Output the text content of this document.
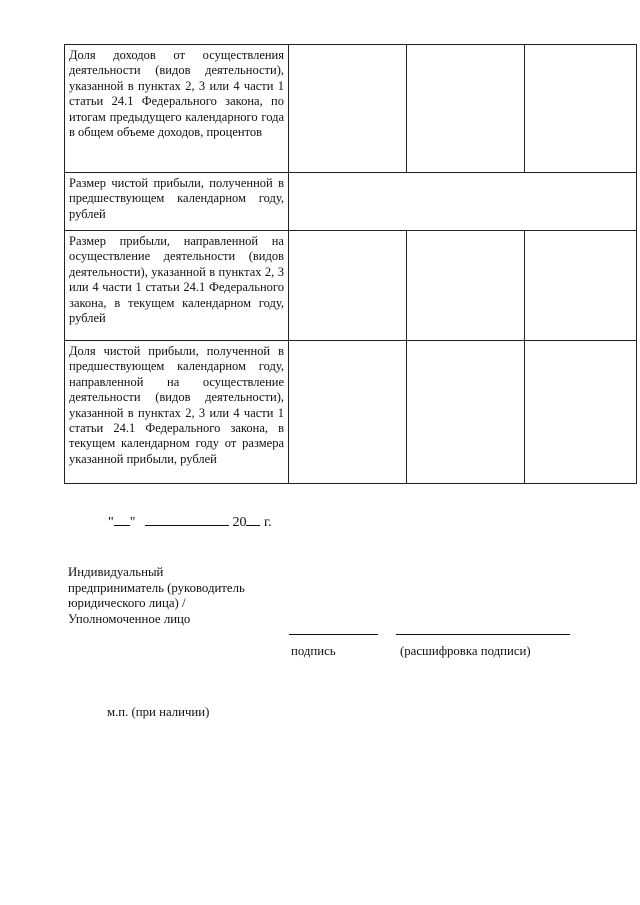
Доля доходов от осуществления деятельности (видов деятельности), указанной в пунктах 2, 3 или 4 части 1 статьи 24.1 Федерального закона, по итогам предыдущего календарного года в общем объеме доходов, процентов			
Размер чистой прибыли, полученной в предшествующем календарном году, рублей			
Размер прибыли, направленной на осуществление деятельности (видов деятельности), указанной в пунктах 2, 3 или 4 части 1 статьи 24.1 Федерального закона, в текущем календарном году, рублей			
Доля чистой прибыли, полученной в предшествующем календарном году, направленной на осуществление деятельности (видов деятельности), указанной в пунктах 2, 3 или 4 части 1 статьи 24.1 Федерального закона, в текущем календарном году от размера указанной прибыли, рублей			
" "	20 г.
Индивидуальный
предприниматель (руководитель
юридического лица) /
Уполномоченное лицо
подпись	(расшифровка подписи)
м.п. (при наличии)
